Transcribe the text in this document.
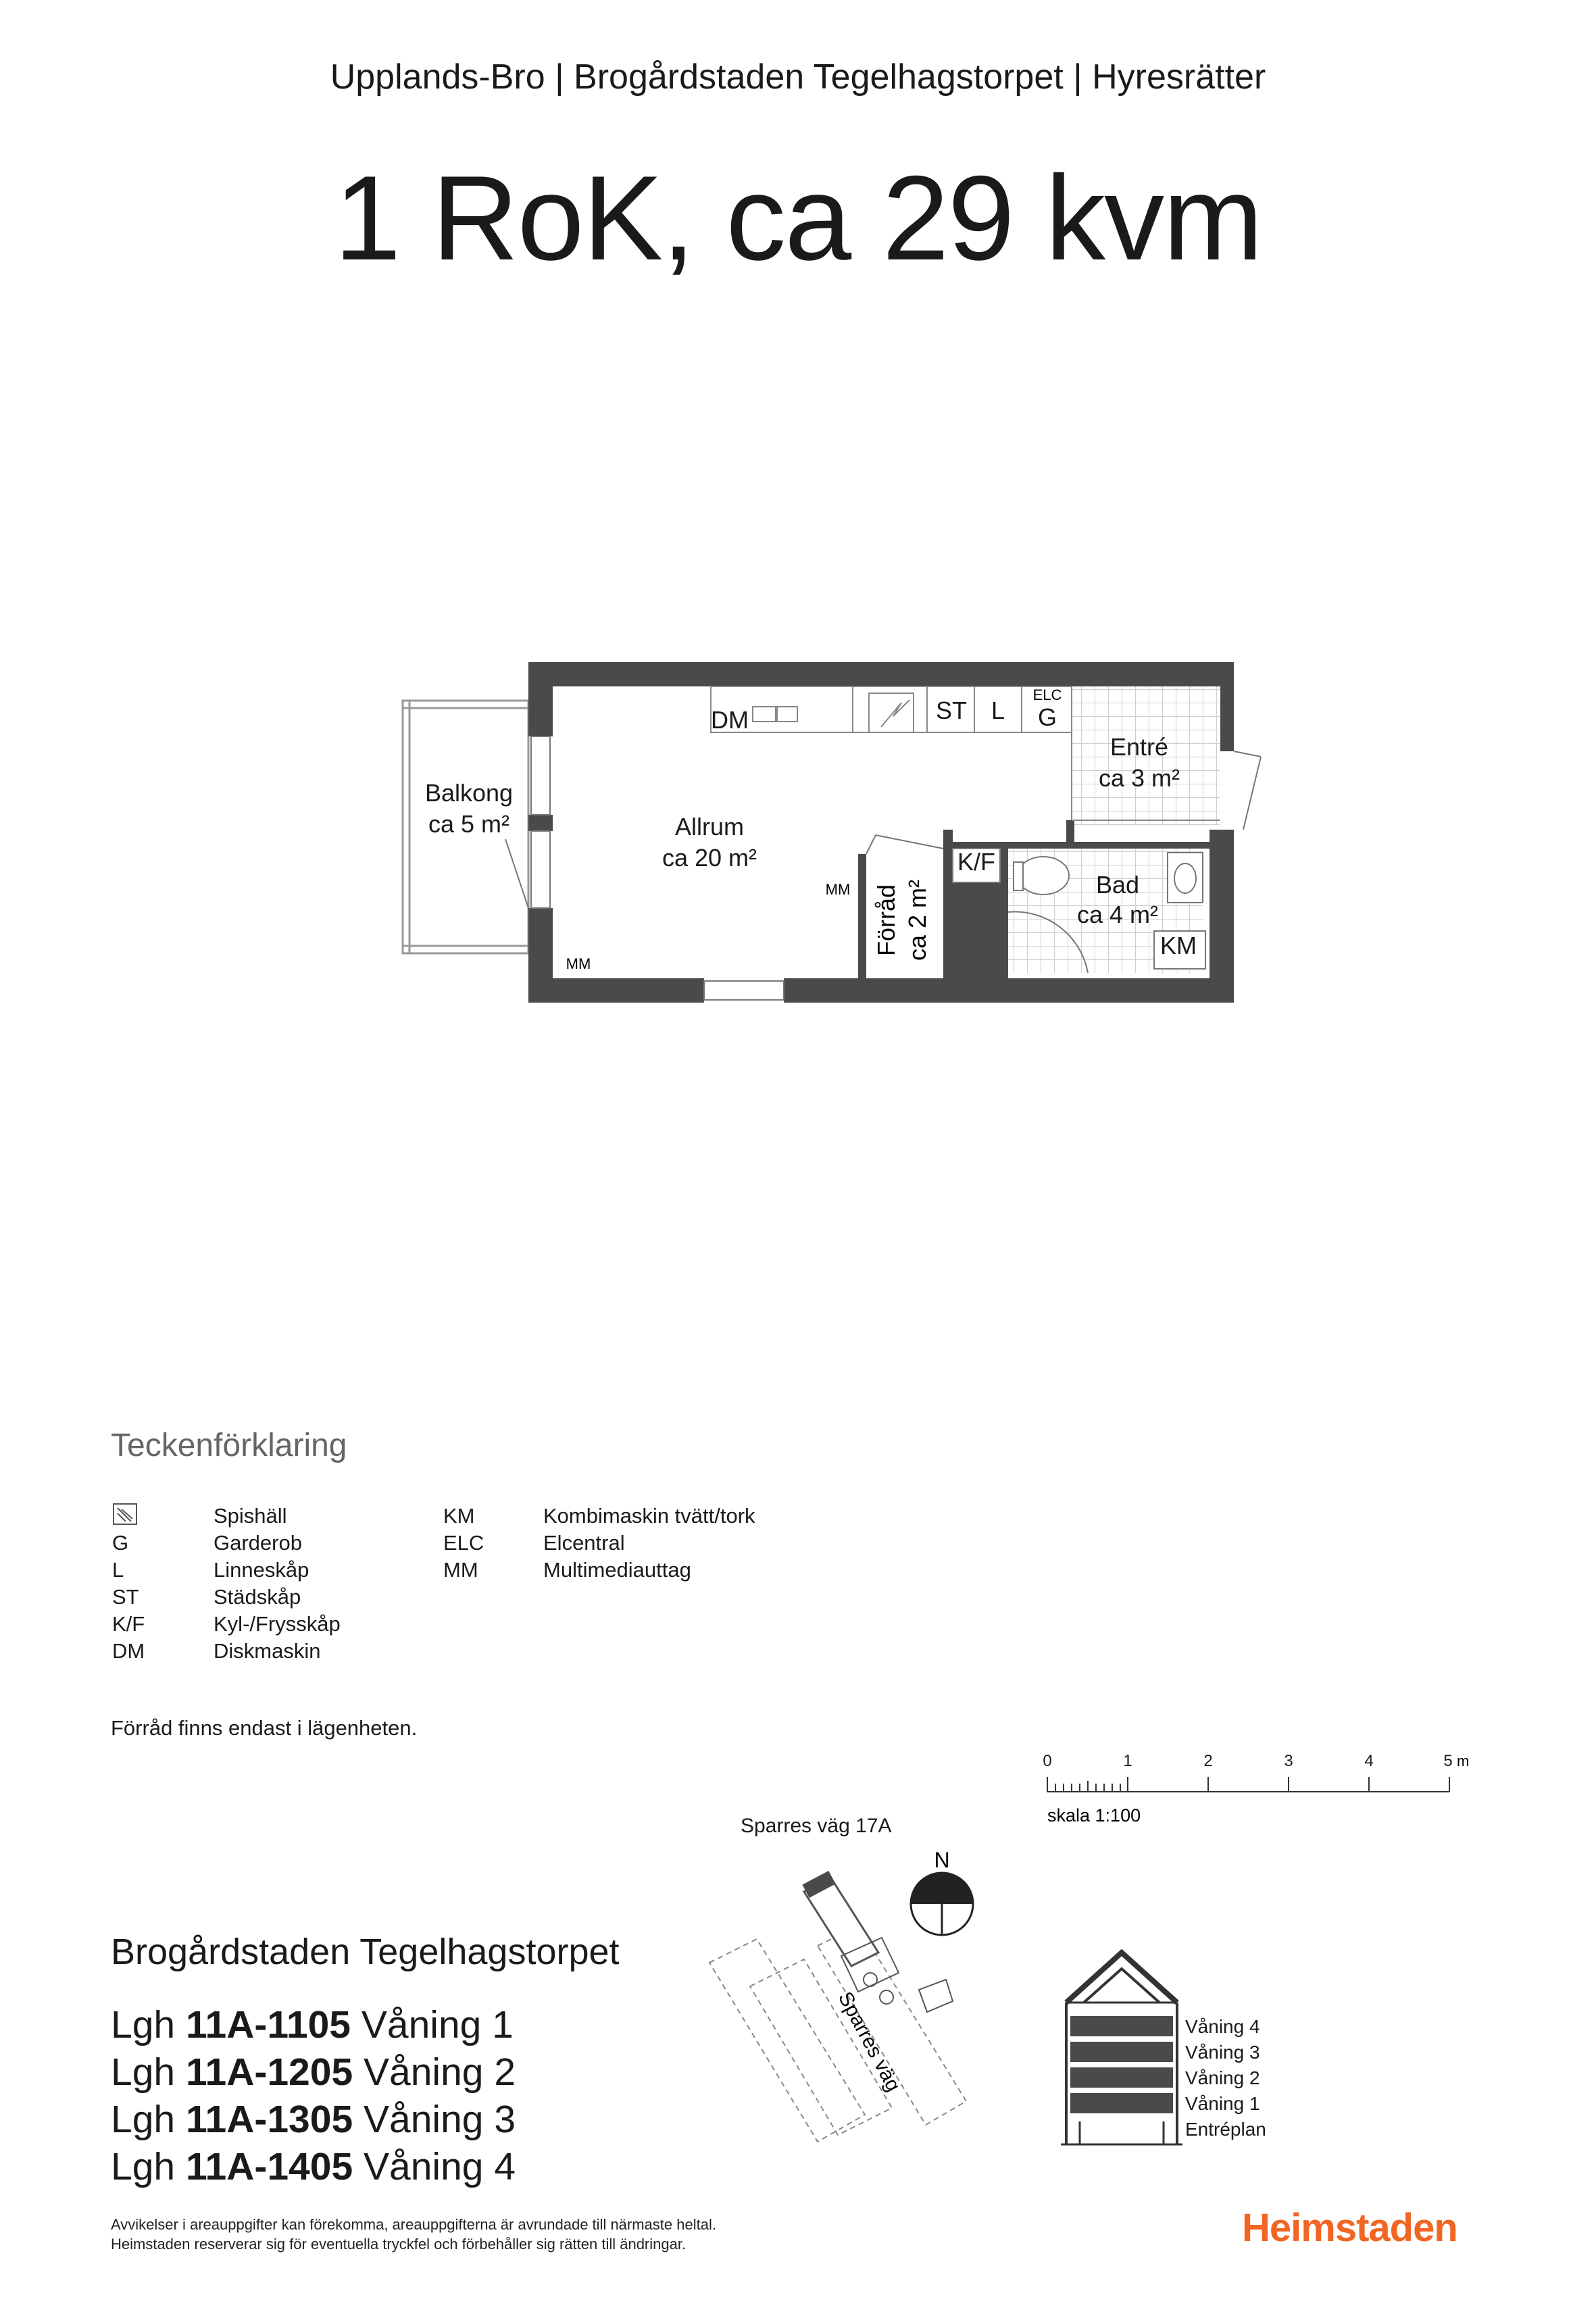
Upplands-Bro | Brogårdstaden Tegelhagstorpet | Hyresrätter
1 RoK, ca 29 kvm
Balkong
ca 5 m²	Allrum
ca 20 m²
Entré
ca 3 m²
Bad
ca 4 m²
DM	ST L G
K/F
KM
ELC
MM
MM
Förråd ca 2 m²
Teckenförklaring
Spishäll
G	Garderob
L	Linneskåp
ST	Städskåp
K/F	Kyl-/Frysskåp
DM	Diskmaskin
KM	Kombimaskin tvätt/tork
ELC	Elcentral
MM	Multimediauttag
Förråd finns endast i lägenheten.
0	1	2	3	4	5 m
skala 1:100
Sparres väg 17A
N
Sparres väg
Brogårdstaden Tegelhagstorpet
Lgh 11A-1105 Våning 1
Lgh 11A-1205 Våning 2
Lgh 11A-1305 Våning 3
Lgh 11A-1405 Våning 4
Våning 4
Våning 3
Våning 2
Våning 1
Entréplan
Avvikelser i areauppgifter kan förekomma, areauppgifterna är avrundade till närmaste heltal.
Heimstaden reserverar sig för eventuella tryckfel och förbehåller sig rätten till ändringar.	Heimstaden
